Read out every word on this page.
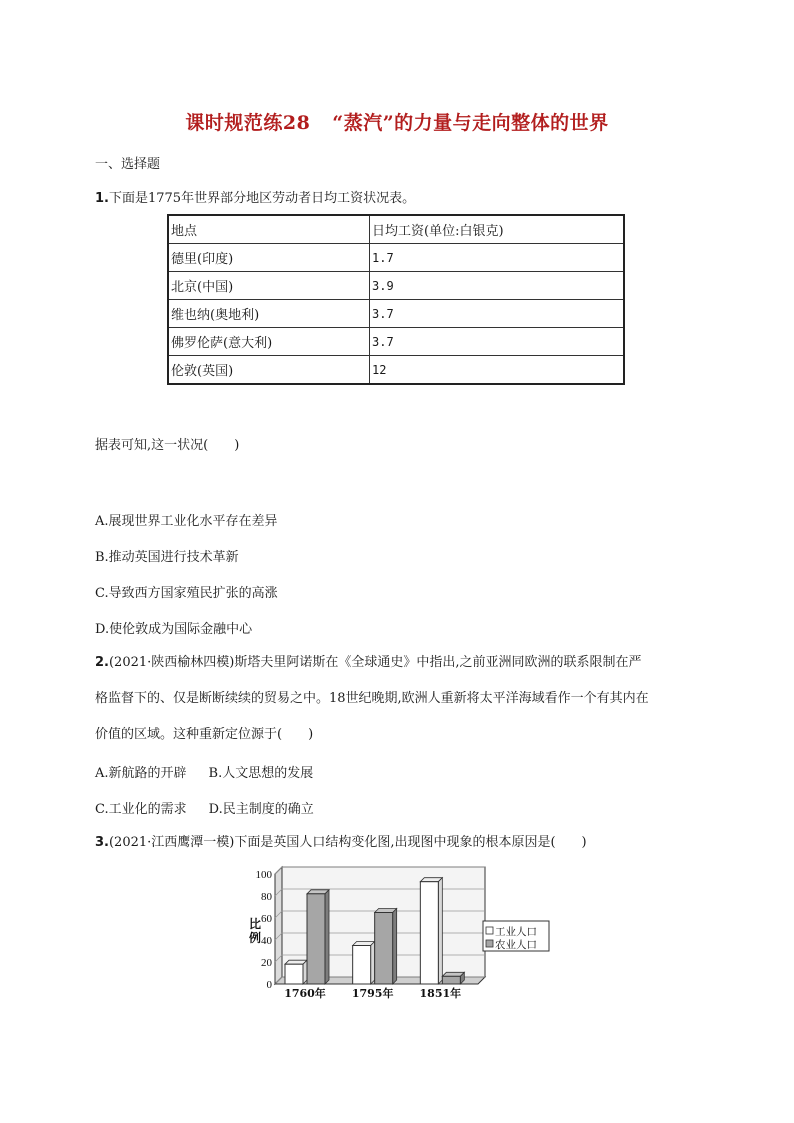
课时规范练28 “蒸汽”的力量与走向整体的世界
一、选择题
1.下面是1775年世界部分地区劳动者日均工资状况表。
地点	日均工资(单位:白银克)
德里(印度)	1.7
北京(中国)	3.9
维也纳(奥地利)	3.7
佛罗伦萨(意大利)	3.7
伦敦(英国)	12
据表可知,这一状况(　　)
A.展现世界工业化水平存在差异
B.推动英国进行技术革新
C.导致西方国家殖民扩张的高涨
D.使伦敦成为国际金融中心
2.(2021·陕西榆林四模)斯塔夫里阿诺斯在《全球通史》中指出,之前亚洲同欧洲的联系限制在严
格监督下的、仅是断断续续的贸易之中。18世纪晚期,欧洲人重新将太平洋海域看作一个有其内在
价值的区域。这种重新定位源于(　　)
A.新航路的开辟 B.人文思想的发展
C.工业化的需求 D.民主制度的确立
3.(2021·江西鹰潭一模)下面是英国人口结构变化图,出现图中现象的根本原因是(　　)
0
20
40
60
80
100
比
例
1760年 1795年 1851年
工业人口
农业人口
